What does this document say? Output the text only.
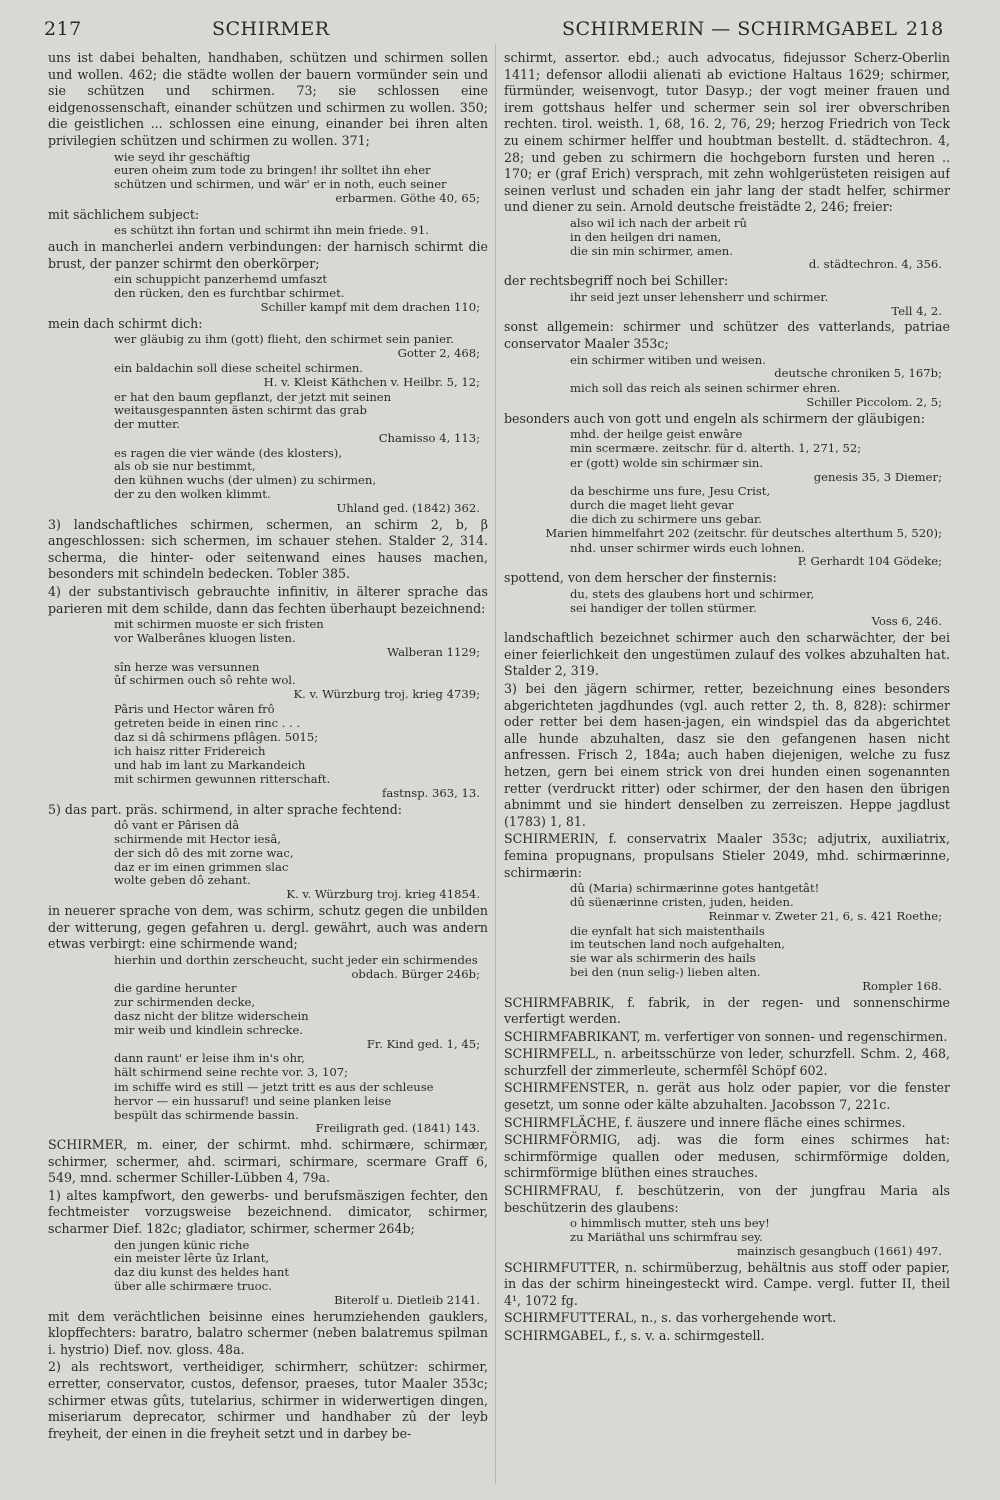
217	SCHIRMER	SCHIRMERIN — SCHIRMGABEL 218

uns ist dabei behalten, handhaben, schützen und schirmen sollen und wollen. 462; die städte wollen der bauern vormünder sein und sie schützen und schirmen. 73; sie schlossen eine eidgenossenschaft, einander schützen und schirmen zu wollen. 350; die geistlichen ... schlossen eine einung, einander bei ihren alten privilegien schützen und schirmen zu wollen. 371;

wie seyd ihr geschäftig
euren oheim zum tode zu bringen! ihr solltet ihn eher
schützen und schirmen, und wär' er in noth, euch seiner
erbarmen. Göthe 40, 65;

mit sächlichem subject:

es schützt ihn fortan und schirmt ihn mein friede. 91.

auch in mancherlei andern verbindungen: der harnisch schirmt die brust, der panzer schirmt den oberkörper;

ein schuppicht panzerhemd umfaszt
den rücken, den es furchtbar schirmet.
Schiller kampf mit dem drachen 110;

mein dach schirmt dich:

wer gläubig zu ihm (gott) flieht, den schirmet sein panier.
Gotter 2, 468;
ein baldachin soll diese scheitel schirmen.
H. v. Kleist Käthchen v. Heilbr. 5, 12;
er hat den baum gepflanzt, der jetzt mit seinen
weitausgespannten ästen schirmt das grab
der mutter.
Chamisso 4, 113;
es ragen die vier wände (des klosters),
als ob sie nur bestimmt,
den kühnen wuchs (der ulmen) zu schirmen,
der zu den wolken klimmt.
Uhland ged. (1842) 362.

3) landschaftliches schirmen, schermen, an schirm 2, b, β angeschlossen: sich schermen, im schauer stehen. Stalder 2, 314. scherma, die hinter- oder seitenwand eines hauses machen, besonders mit schindeln bedecken. Tobler 385.

4) der substantivisch gebrauchte infinitiv, in älterer sprache das parieren mit dem schilde, dann das fechten überhaupt bezeichnend:

mit schirmen muoste er sich fristen
vor Walberânes kluogen listen.
Walberan 1129;
sîn herze was versunnen
ûf schirmen ouch sô rehte wol.
K. v. Würzburg troj. krieg 4739;
Pâris und Hector wâren frô
getreten beide in einen rinc . . .
daz si dâ schirmens pflâgen. 5015;
ich haisz ritter Fridereich
und hab im lant zu Markandeich
mit schirmen gewunnen ritterschaft.
fastnsp. 363, 13.

5) das part. präs. schirmend, in alter sprache fechtend:

dô vant er Pârisen dâ
schirmende mit Hector iesâ,
der sich dô des mit zorne wac,
daz er im einen grimmen slac
wolte geben dô zehant.
K. v. Würzburg troj. krieg 41854.

in neuerer sprache von dem, was schirm, schutz gegen die unbilden der witterung, gegen gefahren u. dergl. gewährt, auch was andern etwas verbirgt: eine schirmende wand;

hierhin und dorthin zerscheucht, sucht jeder ein schirmendes
obdach. Bürger 246b;
die gardine herunter
zur schirmenden decke,
dasz nicht der blitze widerschein
mir weib und kindlein schrecke.
Fr. Kind ged. 1, 45;
dann raunt' er leise ihm in's ohr,
hält schirmend seine rechte vor. 3, 107;
im schiffe wird es still — jetzt tritt es aus der schleuse
hervor — ein hussaruf! und seine planken leise
bespült das schirmende bassin.
Freiligrath ged. (1841) 143.

SCHIRMER, m. einer, der schirmt. mhd. schirmære, schirmær, schirmer, schermer, ahd. scirmari, schirmare, scermare Graff 6, 549, mnd. schermer Schiller-Lübben 4, 79a.

1) altes kampfwort, den gewerbs- und berufsmäszigen fechter, den fechtmeister vorzugsweise bezeichnend. dimicator, schirmer, scharmer Dief. 182c; gladiator, schirmer, schermer 264b;

den jungen künic riche
ein meister lêrte ûz Irlant,
daz diu kunst des heldes hant
über alle schirmære truoc.
Biterolf u. Dietleib 2141.

mit dem verächtlichen beisinne eines herumziehenden gauklers, klopffechters: baratro, balatro schermer (neben balatremus spilman i. hystrio) Dief. nov. gloss. 48a.

2) als rechtswort, vertheidiger, schirmherr, schützer: schirmer, erretter, conservator, custos, defensor, praeses, tutor Maaler 353c; schirmer etwas gûts, tutelarius, schirmer in widerwertigen dingen, miseriarum deprecator, schirmer und handhaber zû der leyb freyheit, der einen in die freyheit setzt und in darbey be-

schirmt, assertor. ebd.; auch advocatus, fidejussor Scherz-Oberlin 1411; defensor allodii alienati ab evictione Haltaus 1629; schirmer, fürmünder, weisenvogt, tutor Dasyp.; der vogt meiner frauen und irem gottshaus helfer und schermer sein sol irer obverschriben rechten. tirol. weisth. 1, 68, 16. 2, 76, 29; herzog Friedrich von Teck zu einem schirmer helffer und houbtman bestellt. d. städtechron. 4, 28; und geben zu schirmern die hochgeborn fursten und heren .. 170; er (graf Erich) versprach, mit zehn wohlgerüsteten reisigen auf seinen verlust und schaden ein jahr lang der stadt helfer, schirmer und diener zu sein. Arnold deutsche freistädte 2, 246; freier:

also wil ich nach der arbeit rû
in den heilgen dri namen,
die sin min schirmer, amen.
d. städtechron. 4, 356.

der rechtsbegriff noch bei Schiller:

ihr seid jezt unser lehensherr und schirmer.
Tell 4, 2.

sonst allgemein: schirmer und schützer des vatterlands, patriae conservator Maaler 353c;

ein schirmer witiben und weisen.
deutsche chroniken 5, 167b;
mich soll das reich als seinen schirmer ehren.
Schiller Piccolom. 2, 5;

besonders auch von gott und engeln als schirmern der gläubigen:

mhd. der heilge geist enwâre
min scermære. zeitschr. für d. alterth. 1, 271, 52;
er (gott) wolde sin schirmær sin.
genesis 35, 3 Diemer;
da beschirme uns fure, Jesu Crist,
durch die maget lieht gevar
die dich zu schirmere uns gebar.
Marien himmelfahrt 202 (zeitschr. für deutsches alterthum 5, 520);
nhd. unser schirmer wirds euch lohnen.
P. Gerhardt 104 Gödeke;

spottend, von dem herscher der finsternis:

du, stets des glaubens hort und schirmer,
sei handiger der tollen stürmer.
Voss 6, 246.

landschaftlich bezeichnet schirmer auch den scharwächter, der bei einer feierlichkeit den ungestümen zulauf des volkes abzuhalten hat. Stalder 2, 319.

3) bei den jägern schirmer, retter, bezeichnung eines besonders abgerichteten jagdhundes (vgl. auch retter 2, th. 8, 828): schirmer oder retter bei dem hasen-jagen, ein windspiel das da abgerichtet alle hunde abzuhalten, dasz sie den gefangenen hasen nicht anfressen. Frisch 2, 184a; auch haben diejenigen, welche zu fusz hetzen, gern bei einem strick von drei hunden einen sogenannten retter (verdruckt ritter) oder schirmer, der den hasen den übrigen abnimmt und sie hindert denselben zu zerreiszen. Heppe jagdlust (1783) 1, 81.

SCHIRMERIN, f. conservatrix Maaler 353c; adjutrix, auxiliatrix, femina propugnans, propulsans Stieler 2049, mhd. schirmærinne, schirmærin:

dû (Maria) schirmærinne gotes hantgetât!
dû süenærinne cristen, juden, heiden.
Reinmar v. Zweter 21, 6, s. 421 Roethe;
die eynfalt hat sich maistenthails
im teutschen land noch aufgehalten,
sie war als schirmerin des hails
bei den (nun selig-) lieben alten.
Rompler 168.

SCHIRMFABRIK, f. fabrik, in der regen- und sonnenschirme verfertigt werden.

SCHIRMFABRIKANT, m. verfertiger von sonnen- und regenschirmen.

SCHIRMFELL, n. arbeitsschürze von leder, schurzfell. Schm. 2, 468, schurzfell der zimmerleute, schermfêl Schöpf 602.

SCHIRMFENSTER, n. gerät aus holz oder papier, vor die fenster gesetzt, um sonne oder kälte abzuhalten. Jacobsson 7, 221c.

SCHIRMFLÄCHE, f. äuszere und innere fläche eines schirmes.

SCHIRMFÖRMIG, adj. was die form eines schirmes hat: schirmförmige quallen oder medusen, schirmförmige dolden, schirmförmige blüthen eines strauches.

SCHIRMFRAU, f. beschützerin, von der jungfrau Maria als beschützerin des glaubens:

o himmlisch mutter, steh uns bey!
zu Mariäthal uns schirmfrau sey.
mainzisch gesangbuch (1661) 497.

SCHIRMFUTTER, n. schirmüberzug, behältnis aus stoff oder papier, in das der schirm hineingesteckt wird. Campe. vergl. futter II, theil 4¹, 1072 fg.

SCHIRMFUTTERAL, n., s. das vorhergehende wort.

SCHIRMGABEL, f., s. v. a. schirmgestell.
